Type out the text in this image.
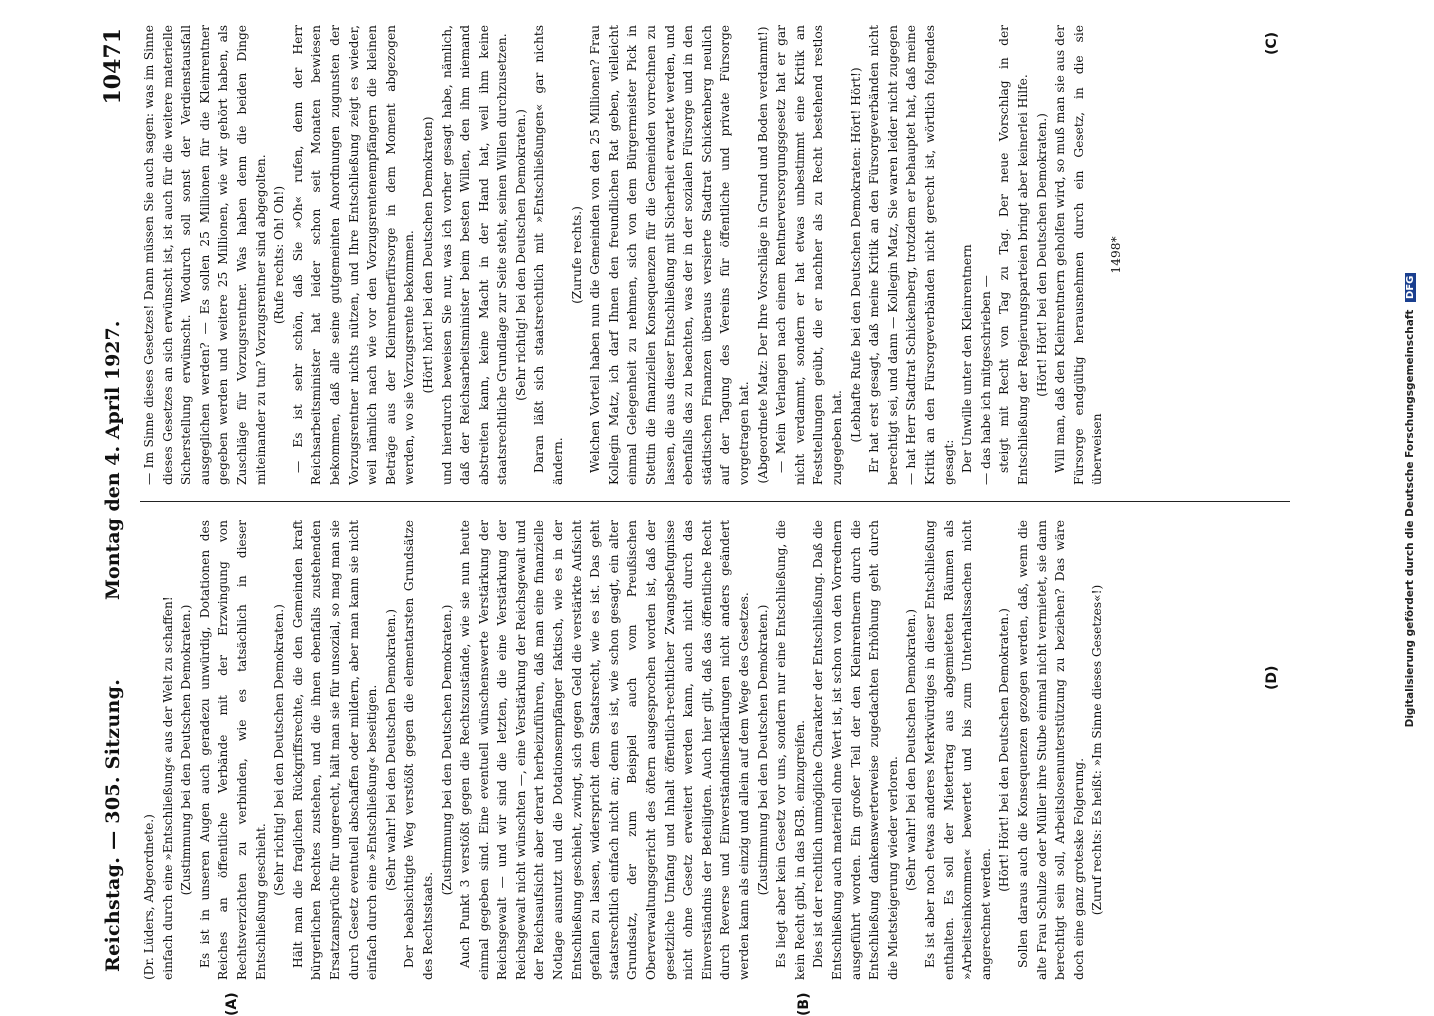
Reichstag. — 305. Sitzung.
Montag den 4. April 1927.
10471

(Dr. Lüders, Abgeordnete.) einfach durch eine »Entschließung« aus der Welt zu schaffen! (Zustimmung bei den Deutschen Demokraten.) Es ist in unseren Augen auch geradezu unwürdig, Dotationen des Reiches an öffentliche Verbände mit der Erzwingung von Rechtsverzichten zu verbinden, wie es tatsächlich in dieser Entschließung geschieht.

(Sehr richtig! bei den Deutschen Demokraten.) Hält man die fraglichen Rückgriffsrechte, die den Gemeinden kraft bürgerlichen Rechtes zustehen, und die ihnen ebenfalls zustehenden Ersatzansprüche für ungerecht, hält man sie für unsozial, so mag man sie durch Gesetz eventuell abschaffen oder mildern, aber man kann sie nicht einfach durch eine »Entschließung« beseitigen. (Sehr wahr! bei den Deutschen Demokraten.) Der beabsichtigte Weg verstößt gegen die elementarsten Grundsätze des Rechtsstaats.

(Zustimmung bei den Deutschen Demokraten.) Auch Punkt 3 verstößt gegen die Rechtszustände, wie sie nun heute einmal gegeben sind. Eine eventuell wünschenswerte Verstärkung der Reichsgewalt — und wir sind die letzten, die eine Verstärkung der Reichsgewalt nicht wünschten —, eine Verstärkung der Reichsgewalt und der Reichsaufsicht aber derart herbeizuführen, daß man eine finanzielle Notlage ausnutzt und die Dotationsempfänger faktisch, wie es in der Entschließung geschieht, zwingt, sich gegen Geld die verstärkte Aufsicht gefallen zu lassen, widerspricht dem Staatsrecht, wie es ist. Das geht staatsrechtlich einfach nicht an; denn es ist, wie schon gesagt, ein alter Grundsatz, der zum Beispiel auch vom Preußischen Oberverwaltungsgericht des öftern ausgesprochen worden ist, daß der gesetzliche Umfang und Inhalt öffentlich-rechtlicher Zwangsbefugnisse nicht ohne Gesetz erweitert werden kann, auch nicht durch das Einverständnis der Beteiligten. Auch hier gilt, daß das öffentliche Recht durch Reverse und Einverständniserklärungen nicht anders geändert werden kann als einzig und allein auf dem Wege des Gesetzes. (Zustimmung bei den Deutschen Demokraten.) Es liegt aber kein Gesetz vor uns, sondern nur eine Entschließung, die kein Recht gibt, in das BGB. einzugreifen. Dies ist der rechtlich unmögliche Charakter der Entschließung. Daß die Entschließung auch materiell ohne Wert ist, ist schon von den Vorrednern ausgeführt worden. Ein großer Teil der den Kleinrentnern durch die Entschließung dankenswerterweise zugedachten Erhöhung geht durch die Mietsteigerung wieder verloren. (Sehr wahr! bei den Deutschen Demokraten.) Es ist aber noch etwas anderes Merkwürdiges in dieser Entschließung enthalten. Es soll der Mietertrag aus abgemieteten Räumen als »Arbeitseinkommen« bewertet und bis zum Unterhaltssachen nicht angerechnet werden.

(Hört! Hört! bei den Deutschen Demokraten.) Sollen daraus auch die Konsequenzen gezogen werden, daß, wenn die alte Frau Schulze oder Müller ihre Stube einmal nicht vermietet, sie dann berechtigt sein soll, Arbeitslosenunterstützung zu beziehen? Das wäre doch eine ganz groteske Folgerung. (Zuruf rechts: Es heißt: »Im Sinne dieses Gesetzes«!)

— Im Sinne dieses Gesetzes! Dann müssen Sie auch sagen: was im Sinne dieses Gesetzes an sich erwünscht ist, ist auch für die weitere materielle Sicherstellung erwünscht. Wodurch soll sonst der Verdienstausfall ausgeglichen werden? — Es sollen 25 Millionen für die Kleinrentner gegeben werden und weitere 25 Millionen, wie wir gehört haben, als Zuschläge für Vorzugsrentner. Was haben denn die beiden Dinge miteinander zu tun? Vorzugsrentner sind abgegolten. (Rufe rechts: Oh! Oh!) — Es ist sehr schön, daß Sie »Oh« rufen, denn der Herr Reichsarbeitsminister hat leider schon seit Monaten bewiesen bekommen, daß alle seine gutgemeinten Anordnungen zugunsten der Vorzugsrentner nichts nützen, und Ihre Entschließung zeigt es wieder, weil nämlich nach wie vor den Vorzugsrentenempfängern die kleinen Beträge aus der Kleinrentnerfürsorge in dem Moment abgezogen werden, wo sie Vorzugsrente bekommen. (Hört! hört! bei den Deutschen Demokraten) und hierdurch beweisen Sie nur, was ich vorher gesagt habe, nämlich, daß der Reichsarbeitsminister beim besten Willen, den ihm niemand abstreiten kann, keine Macht in der Hand hat, weil ihm keine staatsrechtliche Grundlage zur Seite steht, seinen Willen durchzusetzen. (Sehr richtig! bei den Deutschen Demokraten.) Daran läßt sich staatsrechtlich mit »Entschließungen« gar nichts ändern.

(Zurufe rechts.) Welchen Vorteil haben nun die Gemeinden von den 25 Millionen? Frau Kollegin Matz, ich darf Ihnen den freundlichen Rat geben, vielleicht einmal Gelegenheit zu nehmen, sich von dem Bürgermeister Pick in Stettin die finanziellen Konsequenzen für die Gemeinden vorrechnen zu lassen, die aus dieser Entschließung mit Sicherheit erwartet werden, und ebenfalls das zu beachten, was der in der sozialen Fürsorge und in den städtischen Finanzen überaus versierte Stadtrat Schickenberg neulich auf der Tagung des Vereins für öffentliche und private Fürsorge vorgetragen hat. (Abgeordnete Matz: Der Ihre Vorschläge in Grund und Boden verdammt!) — Mein Verlangen nach einem Rentnerversorgungsgesetz hat er gar nicht verdammt, sondern er hat etwas unbestimmt eine Kritik an Feststellungen geübt, die er nachher als zu Recht bestehend restlos zugegeben hat. (Lebhafte Rufe bei den Deutschen Demokraten: Hört! Hört!) Er hat erst gesagt, daß meine Kritik an den Fürsorgeverbänden nicht berechtigt sei, und dann — Kollegin Matz, Sie waren leider nicht zugegen — hat Herr Stadtrat Schickenberg, trotzdem er behauptet hat, daß meine Kritik an den Fürsorgeverbänden nicht gerecht ist, wörtlich folgendes gesagt: Der Unwille unter den Kleinrentnern — das habe ich mitgeschrieben — steigt mit Recht von Tag zu Tag. Der neue Vorschlag in der Entschließung der Regierungsparteien bringt aber keinerlei Hilfe. (Hört! Hört! bei den Deutschen Demokraten.) Will man, daß den Kleinrentnern geholfen wird, so muß man sie aus der Fürsorge endgültig herausnehmen durch ein Gesetz, in die sie überweisen

1498*

(A)	(B)
(C)
(D)	Digitalisierung gefördert durch die Deutsche Forschungsgemeinschaft DFG
